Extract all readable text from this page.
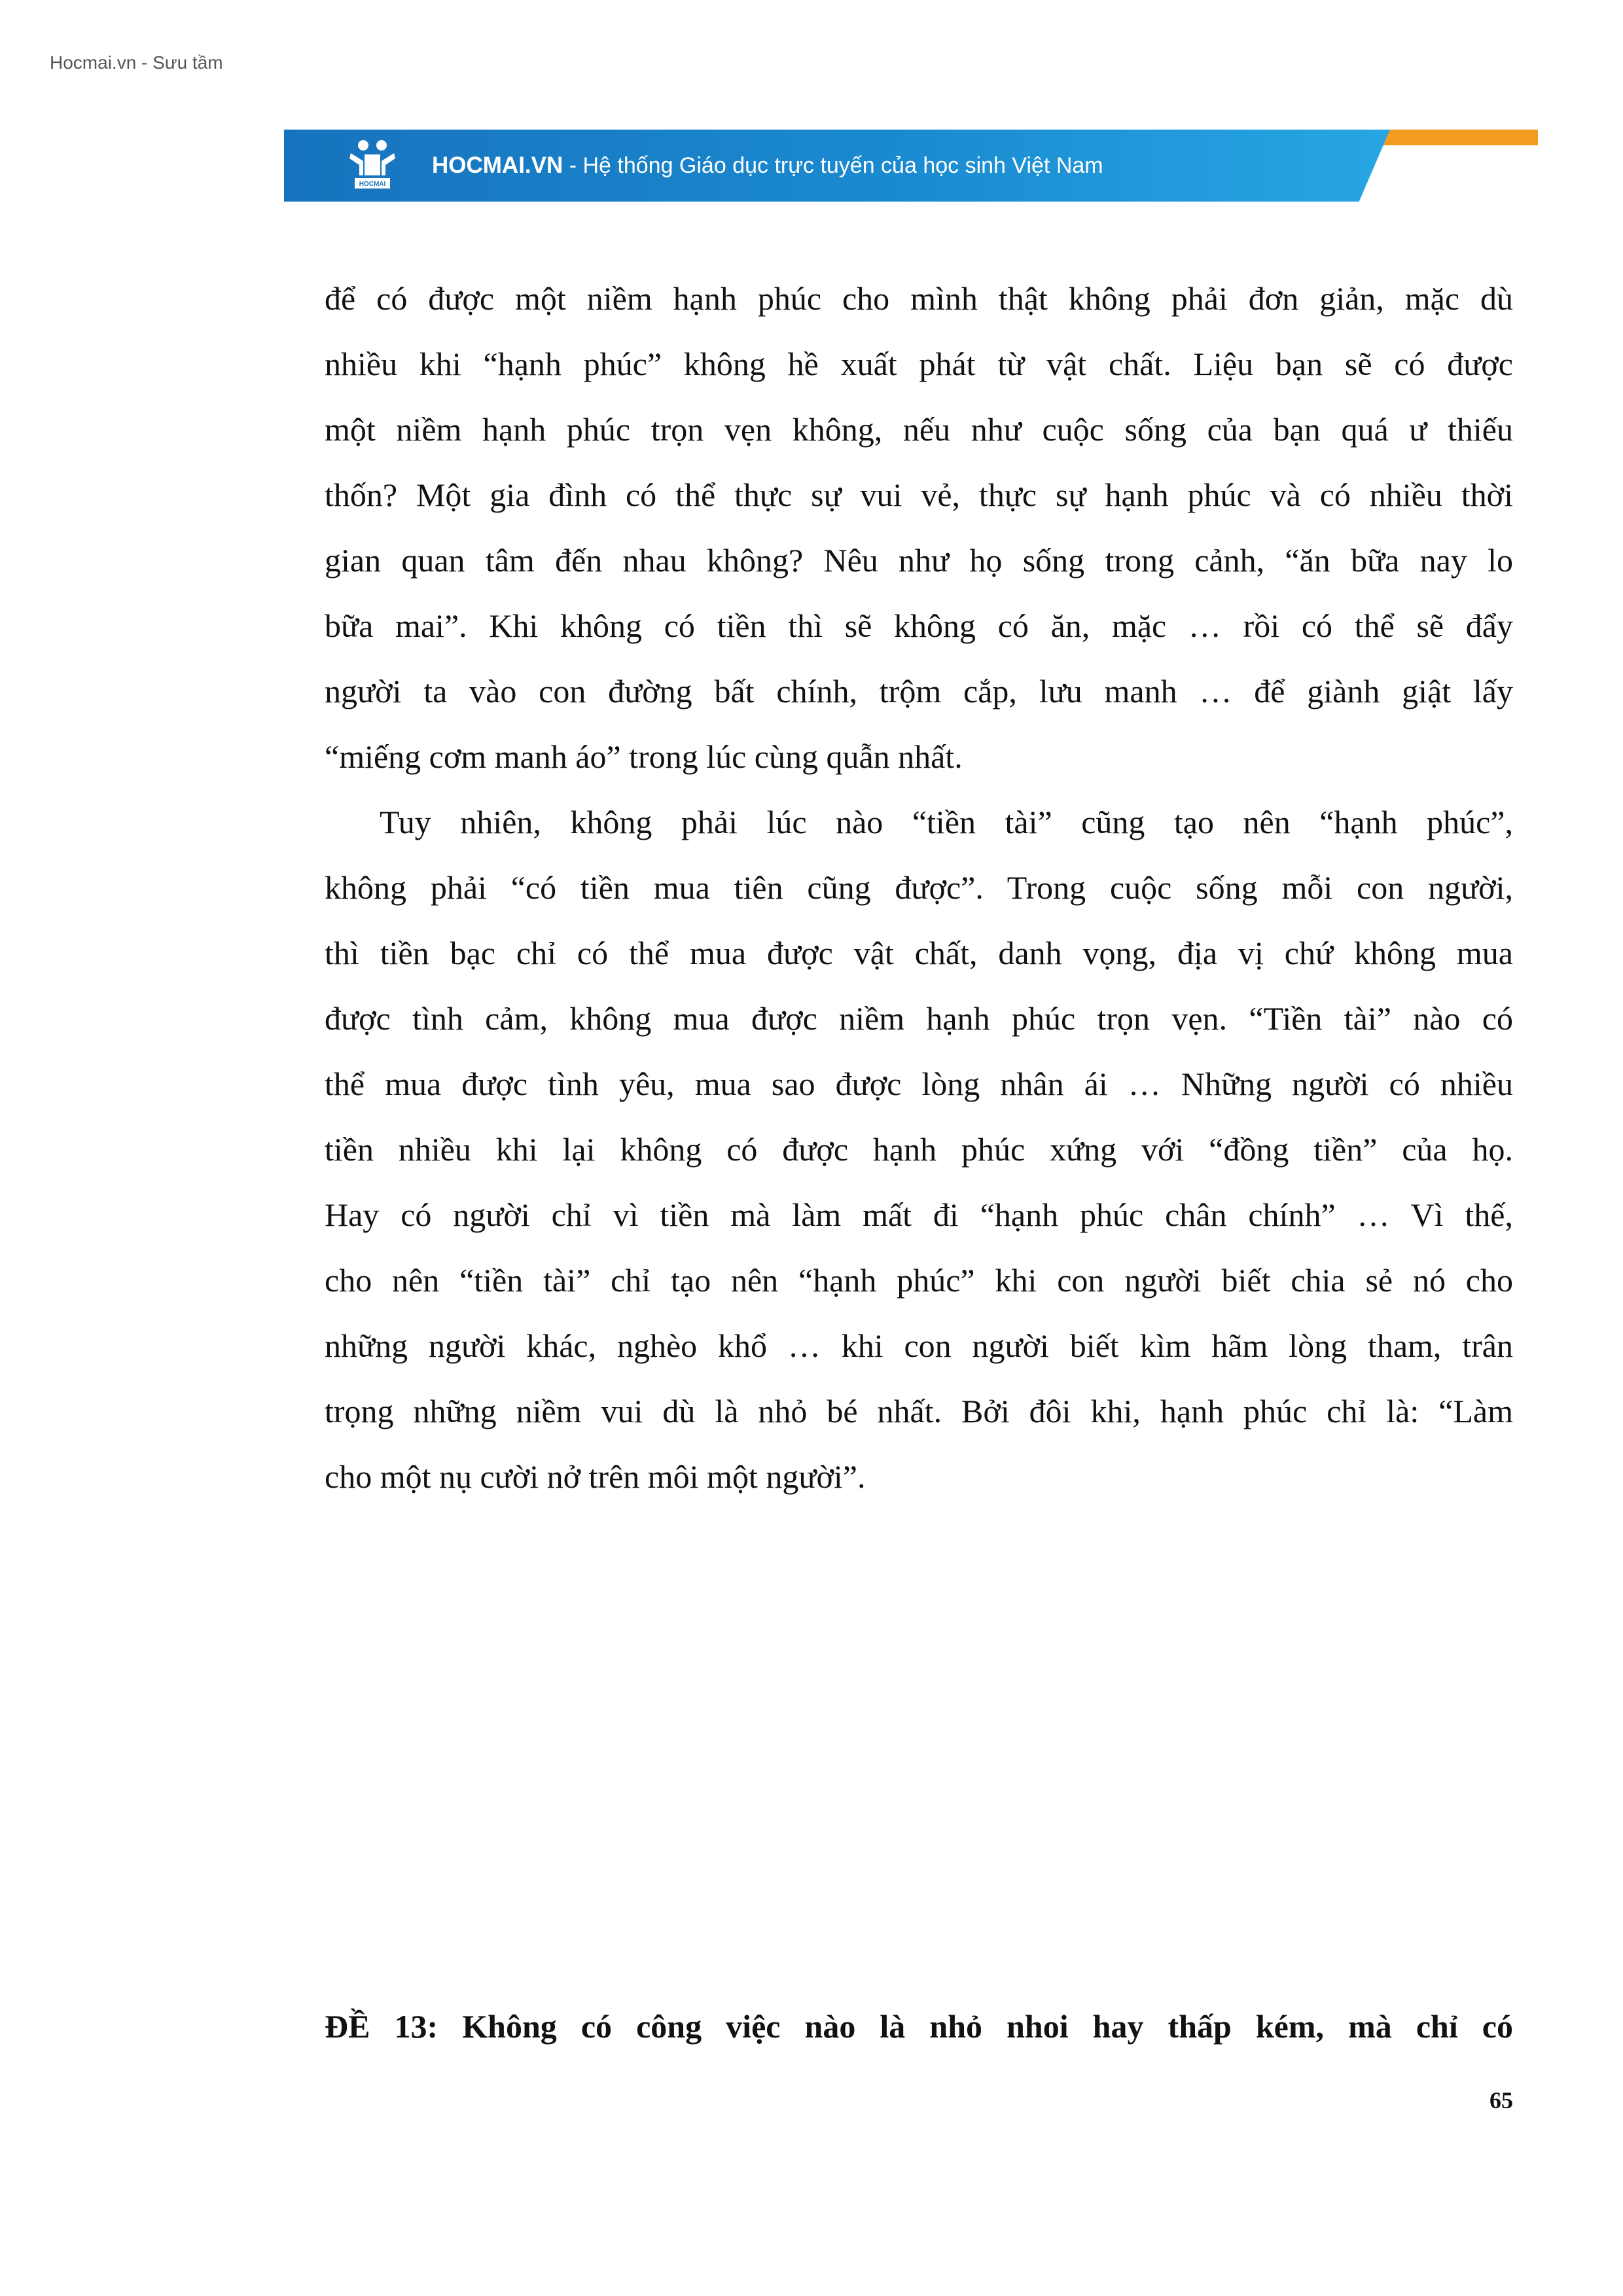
Hocmai.vn - Sưu tầm
HOCMAI
HOCMAI.VN - Hệ thống Giáo dục trực tuyến của học sinh Việt Nam
để có được một niềm hạnh phúc cho mình thật không phải đơn giản, mặc dù
nhiều khi “hạnh phúc” không hề xuất phát từ vật chất. Liệu bạn sẽ có được
một niềm hạnh phúc trọn vẹn không, nếu như cuộc sống của bạn quá ư thiếu
thốn? Một gia đình có thể thực sự vui vẻ, thực sự hạnh phúc và có nhiều thời
gian quan tâm đến nhau không? Nêu như họ sống trong cảnh, “ăn bữa nay lo
bữa mai”. Khi không có tiền thì sẽ không có ăn, mặc … rồi có thể sẽ đẩy
người ta vào con đường bất chính, trộm cắp, lưu manh … để giành giật lấy
“miếng cơm manh áo” trong lúc cùng quẫn nhất.
Tuy nhiên, không phải lúc nào “tiền tài” cũng tạo nên “hạnh phúc”,
không phải “có tiền mua tiên cũng được”. Trong cuộc sống mỗi con người,
thì tiền bạc chỉ có thể mua được vật chất, danh vọng, địa vị chứ không mua
được tình cảm, không mua được niềm hạnh phúc trọn vẹn. “Tiền tài” nào có
thể mua được tình yêu, mua sao được lòng nhân ái … Những người có nhiều
tiền nhiều khi lại không có được hạnh phúc xứng với “đồng tiền” của họ.
Hay có người chỉ vì tiền mà làm mất đi “hạnh phúc chân chính” … Vì thế,
cho nên “tiền tài” chỉ tạo nên “hạnh phúc” khi con người biết chia sẻ nó cho
những người khác, nghèo khổ … khi con người biết kìm hãm lòng tham, trân
trọng những niềm vui dù là nhỏ bé nhất. Bởi đôi khi, hạnh phúc chỉ là: “Làm
cho một nụ cười nở trên môi một người”.
ĐỀ 13: Không có công việc nào là nhỏ nhoi hay thấp kém, mà chỉ có
65
